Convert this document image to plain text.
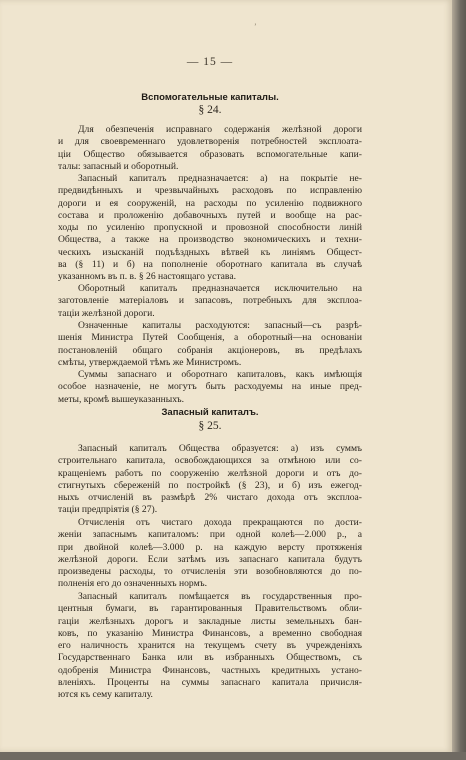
ʼ
— 15 —
Вспомогательные капиталы.
§ 24.
Для обезпеченія исправнаго содержанія желѣзной дороги
и для своевременнаго удовлетворенія потребностей эксплоата-
ціи Общество обязывается образовать вспомогательные капи-
талы: запасный и оборотный.
Запасный капиталъ предназначается: а) на покрытіе не-
предвидѣнныхъ и чрезвычайныхъ расходовъ по исправленію
дороги и ея сооруженій, на расходы по усиленію подвижного
состава и проложенію добавочныхъ путей и вообще на рас-
ходы по усиленію пропускной и провозной способности линій
Общества, а также на производство экономическихъ и техни-
ческихъ изысканій подъѣздныхъ вѣтвей къ линіямъ Общест-
ва (§ 11) и б) на пополненіе оборотнаго капитала въ случаѣ
указанномъ въ п. в. § 26 настоящаго устава.
Оборотный капиталъ предназначается исключительно на
заготовленіе матеріаловъ и запасовъ, потребныхъ для эксплоа-
таціи желѣзной дороги.
Означенные капиталы расходуются: запасный—съ разрѣ-
шенія Министра Путей Сообщенія, а оборотный—на основаніи
постановленій общаго собранія акціонеровъ, въ предѣлахъ
смѣты, утверждаемой тѣмъ же Министромъ.
Суммы запаснаго и оборотнаго капиталовъ, какъ имѣющія
особое назначеніе, не могутъ быть расходуемы на иные пред-
меты, кромѣ вышеуказанныхъ.
Запасный капиталъ.
§ 25.
Запасный капиталъ Общества образуется: а) изъ суммъ
строительнаго капитала, освобождающихся за отмѣною или со-
кращеніемъ работъ по сооруженію желѣзной дороги и отъ до-
стигнутыхъ сбереженій по постройкѣ (§ 23), и б) изъ ежегод-
ныхъ отчисленій въ размѣрѣ 2% чистаго дохода отъ эксплоа-
таціи предпріятія (§ 27).
Отчисленія отъ чистаго дохода прекращаются по дости-
женіи запаснымъ капиталомъ: при одной колеѣ—2.000 р., а
при двойной колеѣ—3.000 р. на каждую версту протяженія
желѣзной дороги. Если затѣмъ изъ запаснаго капитала будутъ
произведены расходы, то отчисленія эти возобновляются до по-
полненія его до означенныхъ нормъ.
Запасный капиталъ помѣщается въ государственныя про-
центныя бумаги, въ гарантированныя Правительствомъ обли-
гаціи желѣзныхъ дорогъ и закладные листы земельныхъ бан-
ковъ, по указанію Министра Финансовъ, а временно свободная
его наличность хранится на текущемъ счету въ учрежденіяхъ
Государственнаго Банка или въ избранныхъ Обществомъ, съ
одобренія Министра Финансовъ, частныхъ кредитныхъ устано-
вленіяхъ. Проценты на суммы запаснаго капитала причисля-
ются къ сему капиталу.
